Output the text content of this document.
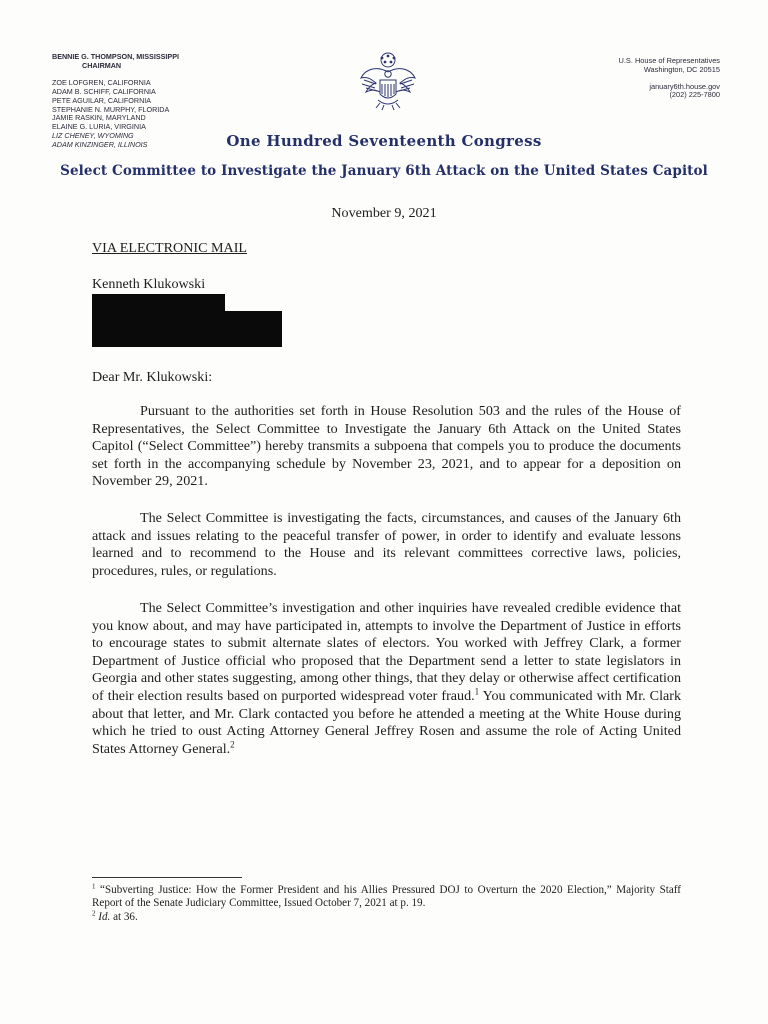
BENNIE G. THOMPSON, MISSISSIPPI
CHAIRMAN
ZOE LOFGREN, CALIFORNIA
ADAM B. SCHIFF, CALIFORNIA
PETE AGUILAR, CALIFORNIA
STEPHANIE N. MURPHY, FLORIDA
JAMIE RASKIN, MARYLAND
ELAINE G. LURIA, VIRGINIA
LIZ CHENEY, WYOMING
ADAM KINZINGER, ILLINOIS
U.S. House of Representatives
Washington, DC 20515
january6th.house.gov
(202) 225-7800
One Hundred Seventeenth Congress
Select Committee to Investigate the January 6th Attack on the United States Capitol
November 9, 2021
VIA ELECTRONIC MAIL
Kenneth Klukowski
Dear Mr. Klukowski:

Pursuant to the authorities set forth in House Resolution 503 and the rules of the House of Representatives, the Select Committee to Investigate the January 6th Attack on the United States Capitol (“Select Committee”) hereby transmits a subpoena that compels you to produce the documents set forth in the accompanying schedule by November 23, 2021, and to appear for a deposition on November 29, 2021.

The Select Committee is investigating the facts, circumstances, and causes of the January 6th attack and issues relating to the peaceful transfer of power, in order to identify and evaluate lessons learned and to recommend to the House and its relevant committees corrective laws, policies, procedures, rules, or regulations.

The Select Committee’s investigation and other inquiries have revealed credible evidence that you know about, and may have participated in, attempts to involve the Department of Justice in efforts to encourage states to submit alternate slates of electors. You worked with Jeffrey Clark, a former Department of Justice official who proposed that the Department send a letter to state legislators in Georgia and other states suggesting, among other things, that they delay or otherwise affect certification of their election results based on purported widespread voter fraud.$^1$ You communicated with Mr. Clark about that letter, and Mr. Clark contacted you before he attended a meeting at the White House during which he tried to oust Acting Attorney General Jeffrey Rosen and assume the role of Acting United States Attorney General.$^2$

$^1$ “Subverting Justice: How the Former President and his Allies Pressured DOJ to Overturn the 2020 Election,” Majority Staff Report of the Senate Judiciary Committee, Issued October 7, 2021 at p. 19.

$^2$ Id. at 36.
